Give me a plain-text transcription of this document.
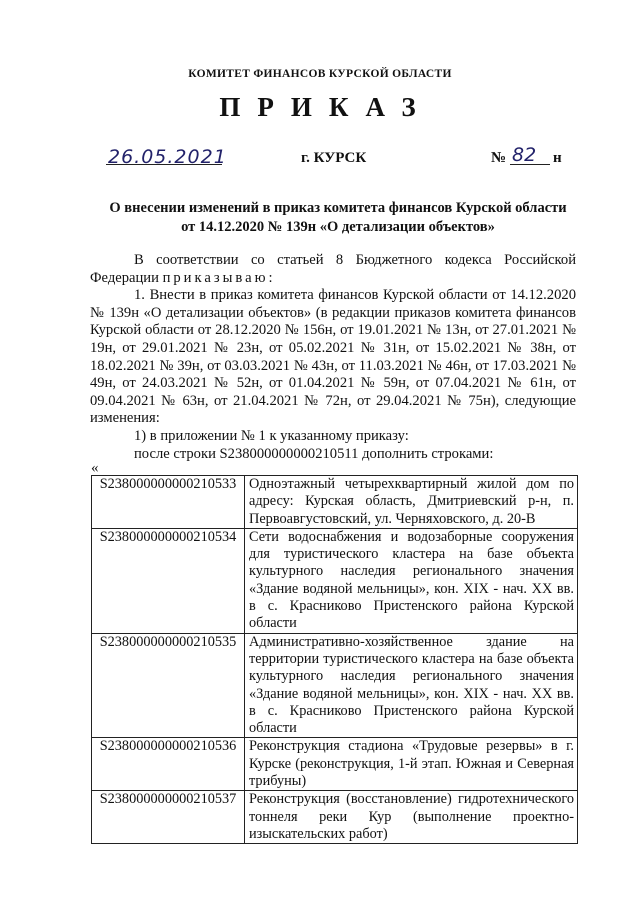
КОМИТЕТ ФИНАНСОВ КУРСКОЙ ОБЛАСТИ
ПРИКАЗ
26.05.2021	г. КУРСК	№ 82 н
О внесении изменений в приказ комитета финансов Курской области
от 14.12.2020 № 139н «О детализации объектов»

В соответствии со статьей 8 Бюджетного кодекса Российской Федерации приказываю:

1. Внести в приказ комитета финансов Курской области от 14.12.2020 № 139н «О детализации объектов» (в редакции приказов комитета финансов Курской области от 28.12.2020 № 156н, от 19.01.2021 № 13н, от 27.01.2021 № 19н, от 29.01.2021 № 23н, от 05.02.2021 № 31н, от 15.02.2021 № 38н, от 18.02.2021 № 39н, от 03.03.2021 № 43н, от 11.03.2021 № 46н, от 17.03.2021 № 49н, от 24.03.2021 № 52н, от 01.04.2021 № 59н, от 07.04.2021 № 61н, от 09.04.2021 № 63н, от 21.04.2021 № 72н, от 29.04.2021 № 75н), следующие изменения:

1) в приложении № 1 к указанному приказу:

после строки S238000000000210511 дополнить строками:

«
S238000000000210533	Одноэтажный четырехквартирный жилой дом по адресу: Курская область, Дмитриевский р-н, п. Первоавгустовский, ул. Черняховского, д. 20-В
S238000000000210534	Сети водоснабжения и водозаборные сооружения для туристического кластера на базе объекта культурного наследия регионального значения «Здание водяной мельницы», кон. XIX - нач. XX вв. в с. Красниково Пристенского района Курской области
S238000000000210535	Административно-хозяйственное здание на территории туристического кластера на базе объекта культурного наследия регионального значения «Здание водяной мельницы», кон. XIX - нач. XX вв. в с. Красниково Пристенского района Курской области
S238000000000210536	Реконструкция стадиона «Трудовые резервы» в г. Курске (реконструкция, 1-й этап. Южная и Северная трибуны)
S238000000000210537	Реконструкция (восстановление) гидротехнического тоннеля реки Кур (выполнение проектно-изыскательских работ)
